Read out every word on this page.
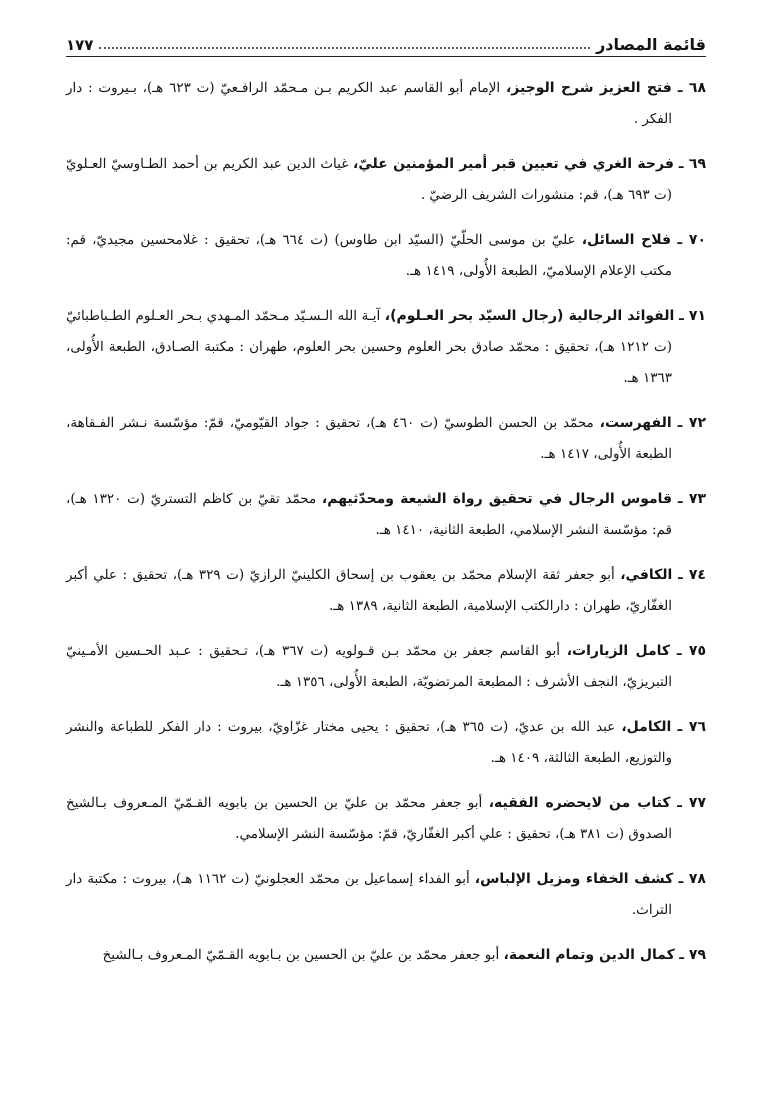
قائمة المصادر
١٧٧

٦٨ ـ فتح العزيز شرح الوجيز، الإمام أبو القاسم عبد الكريم بـن مـحمّد الرافـعيّ (ت ٦٢٣ هـ)، بـيروت : دار الفكر .

٦٩ ـ فرحة الغري في تعيين قبر أمير المؤمنين عليّ، غياث الدين عبد الكريم بن أحمد الطـاوسيّ العـلويّ (ت ٦٩٣ هـ)، قم: منشورات الشريف الرضيّ .

٧٠ ـ فلاح السائل، عليّ بن موسى الحلّيّ (السيّد ابن طاوس) (ت ٦٦٤ هـ)، تحقيق : غلامحسين مجيديّ، قم: مكتب الإعلام الإسلاميّ، الطبعة الأُولى، ١٤١٩ هـ.

٧١ ـ الفوائد الرجالية (رجال السيّد بحر العـلوم)، آيـة الله الـسـيّد مـحمّد المـهدي بـحر العـلوم الطـباطبائيّ (ت ١٢١٢ هـ)، تحقيق : محمّد صادق بحر العلوم وحسين بحر العلوم، طهران : مكتبة الصـادق، الطبعة الأُولى، ١٣٦٣ هـ.

٧٢ ـ الفهرست، محمّد بن الحسن الطوسيّ (ت ٤٦٠ هـ)، تحقيق : جواد القيّوميّ، قمّ: مؤسّسة نـشر الفـقاهة، الطبعة الأُولى، ١٤١٧ هـ.

٧٣ ـ قاموس الرجال في تحقيق رواة الشيعة ومحدّثيهم، محمّد تقيّ بن كاظم التستريّ (ت ١٣٢٠ هـ)، قم: مؤسّسة النشر الإسلامي، الطبعة الثانية، ١٤١٠ هـ.

٧٤ ـ الكافي، أبو جعفر ثقة الإسلام محمّد بن يعقوب بن إسحاق الكلينيّ الرازيّ (ت ٣٢٩ هـ)، تحقيق : علي أكبر الغفّاريّ، طهران : دارالكتب الإسلامية، الطبعة الثانية، ١٣٨٩ هـ.

٧٥ ـ كامل الزيارات، أبو القاسم جعفر بن محمّد بـن قـولويه (ت ٣٦٧ هـ)، تـحقيق : عـبد الحـسين الأمـينيّ التبريزيّ، النجف الأشرف : المطبعة المرتضويّة، الطبعة الأُولى، ١٣٥٦ هـ.

٧٦ ـ الكامل، عبد الله بن عديّ، (ت ٣٦٥ هـ)، تحقيق : يحيى مختار غزّاويّ، بيروت : دار الفكر للطباعة والنشر والتوزيع، الطبعة الثالثة، ١٤٠٩ هـ.

٧٧ ـ كتاب من لايحضره الفقيه، أبو جعفر محمّد بن عليّ بن الحسين بن بابويه القـمّيّ المـعروف بـالشيخ الصدوق (ت ٣٨١ هـ)، تحقيق : علي أكبر الغفّاريّ، قمّ: مؤسّسة النشر الإسلامي.

٧٨ ـ كشف الخفاء ومزيل الإلباس، أبو الفداء إسماعيل بن محمّد العجلونيّ (ت ١١٦٢ هـ)، بيروت : مكتبة دار التراث.

٧٩ ـ كمال الدين وتمام النعمة، أبو جعفر محمّد بن عليّ بن الحسين بن بـابويه القـمّيّ المـعروف بـالشيخ
